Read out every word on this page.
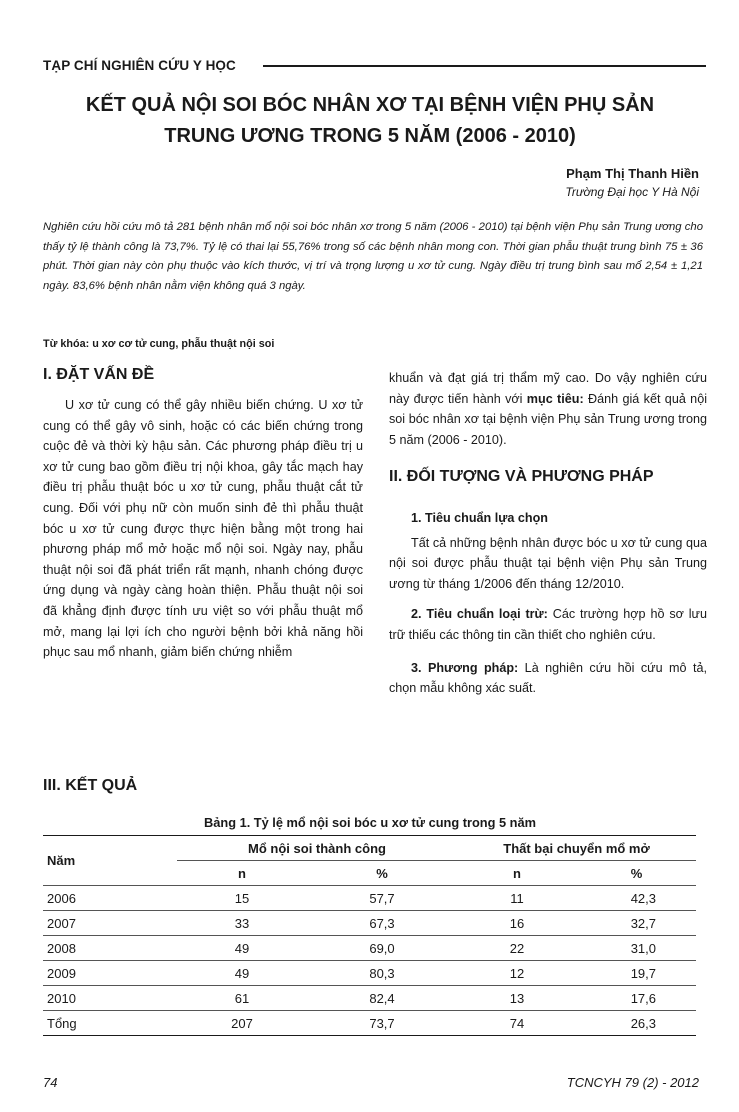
TẠP CHÍ NGHIÊN CỨU Y HỌC
KẾT QUẢ NỘI SOI BÓC NHÂN XƠ TẠI BỆNH VIỆN PHỤ SẢN
TRUNG ƯƠNG TRONG 5 NĂM (2006 - 2010)
Phạm Thị Thanh Hiền
Trường Đại học Y Hà Nội
Nghiên cứu hồi cứu mô tả 281 bệnh nhân mổ nội soi bóc nhân xơ trong 5 năm (2006 - 2010) tại bệnh viện Phụ sản Trung ương cho thấy tỷ lệ thành công là 73,7%. Tỷ lệ có thai lại 55,76% trong số các bệnh nhân mong con. Thời gian phẫu thuật trung bình 75 ± 36 phút. Thời gian này còn phụ thuộc vào kích thước, vị trí và trọng lượng u xơ tử cung. Ngày điều trị trung bình sau mổ 2,54 ± 1,21 ngày. 83,6% bệnh nhân nằm viện không quá 3 ngày.
Từ khóa: u xơ cơ tử cung, phẫu thuật nội soi
I. ĐẶT VẤN ĐỀ

U xơ tử cung có thể gây nhiều biến chứng. U xơ tử cung có thể gây vô sinh, hoặc có các biến chứng trong cuộc đẻ và thời kỳ hậu sản. Các phương pháp điều trị u xơ tử cung bao gồm điều trị nội khoa, gây tắc mạch hay điều trị phẫu thuật bóc u xơ tử cung, phẫu thuật cắt tử cung. Đối với phụ nữ còn muốn sinh đẻ thì phẫu thuật bóc u xơ tử cung được thực hiện bằng một trong hai phương pháp mổ mở hoặc mổ nội soi. Ngày nay, phẫu thuật nội soi đã phát triển rất mạnh, nhanh chóng được ứng dụng và ngày càng hoàn thiện. Phẫu thuật nội soi đã khẳng định được tính ưu việt so với phẫu thuật mổ mở, mang lại lợi ích cho người bệnh bởi khả năng hồi phục sau mổ nhanh, giảm biến chứng nhiễm

khuẩn và đạt giá trị thẩm mỹ cao. Do vậy nghiên cứu này được tiến hành với mục tiêu: Đánh giá kết quả nội soi bóc nhân xơ tại bệnh viện Phụ sản Trung ương trong 5 năm (2006 - 2010).

II. ĐỐI TƯỢNG VÀ PHƯƠNG PHÁP

1. Tiêu chuẩn lựa chọn

Tất cả những bệnh nhân được bóc u xơ tử cung qua nội soi được phẫu thuật tại bệnh viện Phụ sản Trung ương từ tháng 1/2006 đến tháng 12/2010.

2. Tiêu chuẩn loại trừ: Các trường hợp hồ sơ lưu trữ thiếu các thông tin cần thiết cho nghiên cứu.

3. Phương pháp: Là nghiên cứu hồi cứu mô tả, chọn mẫu không xác suất.

III. KẾT QUẢ
Bảng 1. Tỷ lệ mổ nội soi bóc u xơ tử cung trong 5 năm
Năm	Mổ nội soi thành công		Thất bại chuyển mổ mở	
	n	%	n	%
2006	15	57,7	11	42,3
2007	33	67,3	16	32,7
2008	49	69,0	22	31,0
2009	49	80,3	12	19,7
2010	61	82,4	13	17,6
Tổng	207	73,7	74	26,3
74	TCNCYH 79 (2) - 2012
